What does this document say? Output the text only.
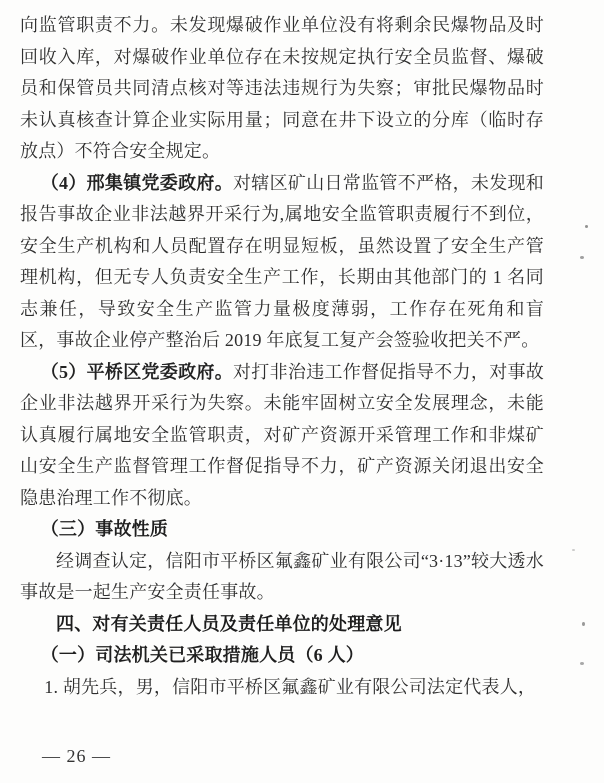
向监管职责不力。未发现爆破作业单位没有将剩余民爆物品及时回收入库，对爆破作业单位存在未按规定执行安全员监督、爆破员和保管员共同清点核对等违法违规行为失察；审批民爆物品时未认真核查计算企业实际用量；同意在井下设立的分库（临时存放点）不符合安全规定。

（4）邢集镇党委政府。对辖区矿山日常监管不严格，未发现和报告事故企业非法越界开采行为,属地安全监管职责履行不到位，安全生产机构和人员配置存在明显短板，虽然设置了安全生产管理机构，但无专人负责安全生产工作，长期由其他部门的 1 名同志兼任，导致安全生产监管力量极度薄弱，工作存在死角和盲区，事故企业停产整治后 2019 年底复工复产会签验收把关不严。

（5）平桥区党委政府。对打非治违工作督促指导不力，对事故企业非法越界开采行为失察。未能牢固树立安全发展理念，未能认真履行属地安全监管职责，对矿产资源开采管理工作和非煤矿山安全生产监督管理工作督促指导不力，矿产资源关闭退出安全隐患治理工作不彻底。

（三）事故性质

经调查认定，信阳市平桥区氟鑫矿业有限公司“3·13”较大透水事故是一起生产安全责任事故。

四、对有关责任人员及责任单位的处理意见

（一）司法机关已采取措施人员（6 人）

1. 胡先兵，男，信阳市平桥区氟鑫矿业有限公司法定代表人，

— 26 —
